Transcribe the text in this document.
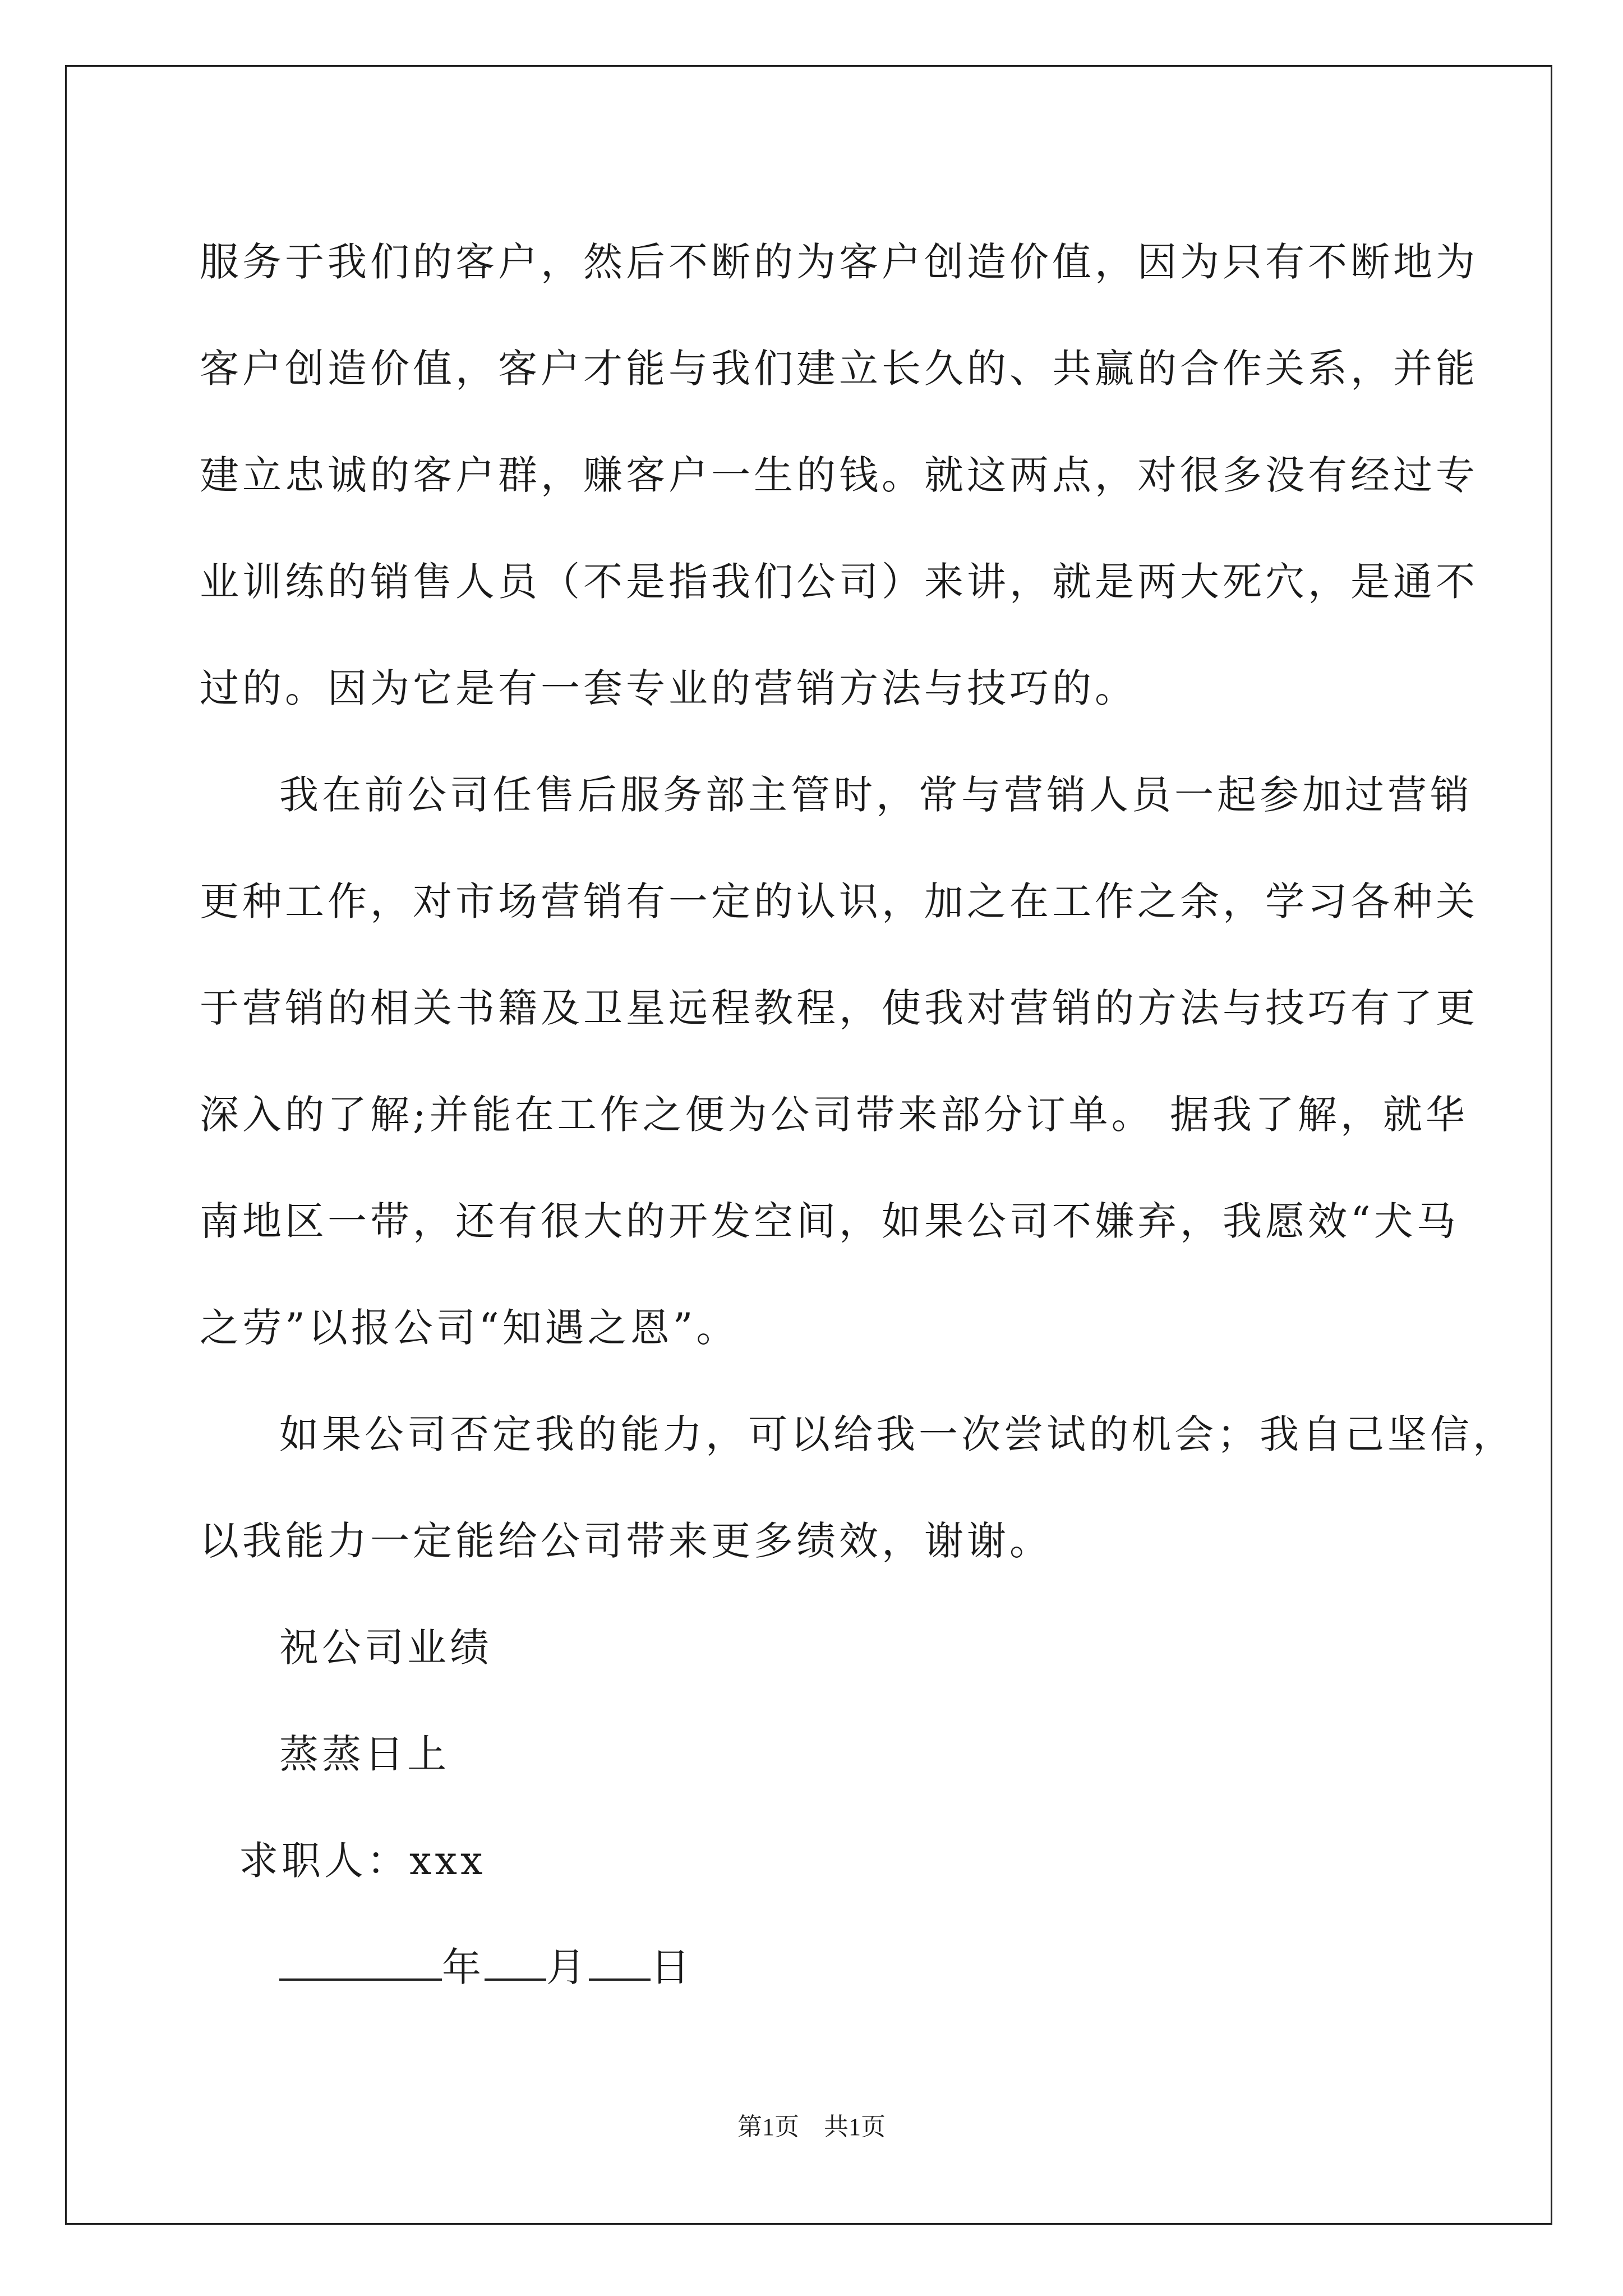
服务于我们的客户，然后不断的为客户创造价值，因为只有不断地为

客户创造价值，客户才能与我们建立长久的、共赢的合作关系，并能

建立忠诚的客户群，赚客户一生的钱。就这两点，对很多没有经过专

业训练的销售人员（不是指我们公司）来讲，就是两大死穴，是通不

过的。因为它是有一套专业的营销方法与技巧的。

我在前公司任售后服务部主管时，常与营销人员一起参加过营销

更种工作，对市场营销有一定的认识，加之在工作之余，学习各种关

于营销的相关书籍及卫星远程教程，使我对营销的方法与技巧有了更

深入的了解;并能在工作之便为公司带来部分订单。 据我了解，就华

南地区一带，还有很大的开发空间，如果公司不嫌弃，我愿效“犬马

之劳”以报公司“知遇之恩”。

如果公司否定我的能力，可以给我一次尝试的机会；我自己坚信，

以我能力一定能给公司带来更多绩效，谢谢。

祝公司业绩

蒸蒸日上

求职人：xxx

年 月 日

第1页　共1页
